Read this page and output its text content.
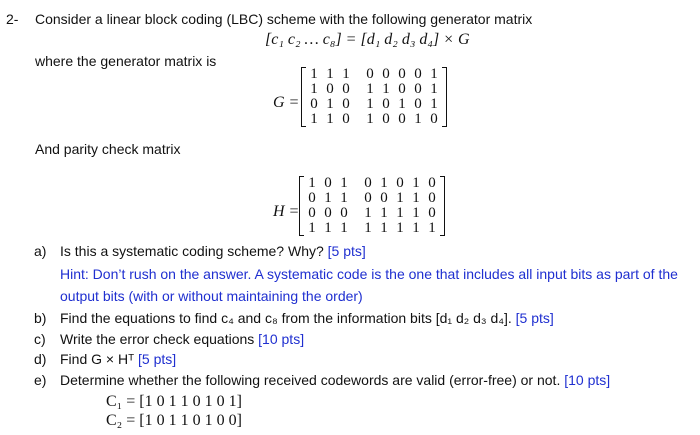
2- Consider a linear block coding (LBC) scheme with the following generator matrix
[c₁ c₂ … c₈] = [d₁ d₂ d₃ d₄] × G
where the generator matrix is
G =
1 1 1 0 0 0 0 1
1 0 0 1 1 0 0 1
0 1 0 1 0 1 0 1
1 1 0 1 0 0 1 0
And parity check matrix
H =
1 0 1 0 1 0 1 0
0 1 1 0 0 1 1 0
0 0 0 1 1 1 1 0
1 1 1 1 1 1 1 1
a) Is this a systematic coding scheme? Why? [5 pts]
Hint: Don’t rush on the answer. A systematic code is the one that includes all input bits as part of the
output bits (with or without maintaining the order)
b) Find the equations to find c₄ and c₈ from the information bits [d₁ d₂ d₃ d₄]. [5 pts]
c) Write the error check equations [10 pts]
d) Find G × Hᵀ [5 pts]
e) Determine whether the following received codewords are valid (error-free) or not. [10 pts]
C₁ = [1 0 1 1 0 1 0 1]
C₂ = [1 0 1 1 0 1 0 0]
